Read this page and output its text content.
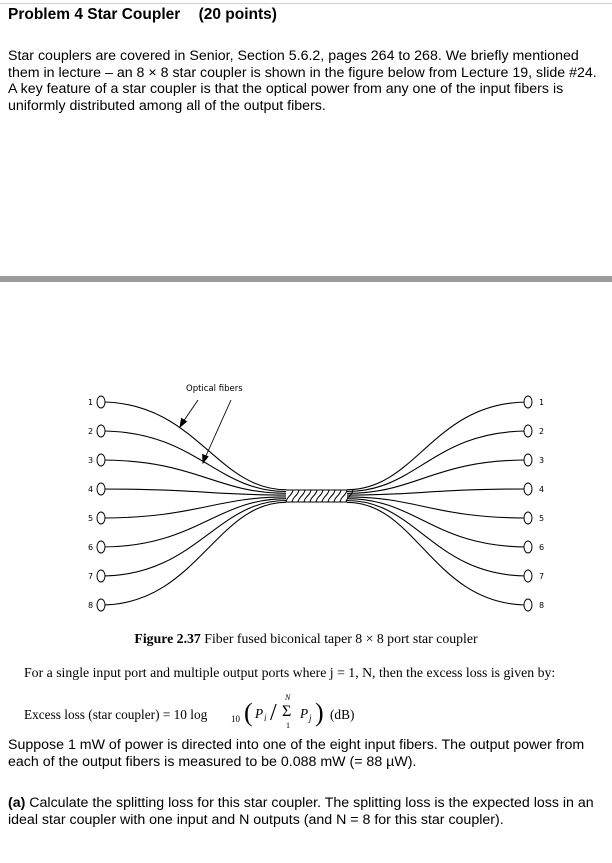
Problem 4 Star Coupler (20 points)

Star couplers are covered in Senior, Section 5.6.2, pages 264 to 268. We briefly mentioned them in lecture – an 8 × 8 star coupler is shown in the figure below from Lecture 19, slide #24. A key feature of a star coupler is that the optical power from any one of the input fibers is uniformly distributed among all of the output fibers.

1
2
3
4
5
6
7
8
1
2
3
4
5
6
7
8
Optical fibers
Figure 2.37 Fiber fused biconical taper 8 × 8 port star coupler
For a single input port and multiple output ports where j = 1, N, then the excess loss is given by:
Excess loss (star coupler) = 10 log	10 ( P i /
N
Σ
1
P j ) (dB)

Suppose 1 mW of power is directed into one of the eight input fibers. The output power from each of the output fibers is measured to be 0.088 mW (= 88 µW).

(a) Calculate the splitting loss for this star coupler. The splitting loss is the expected loss in an ideal star coupler with one input and N outputs (and N = 8 for this star coupler).
